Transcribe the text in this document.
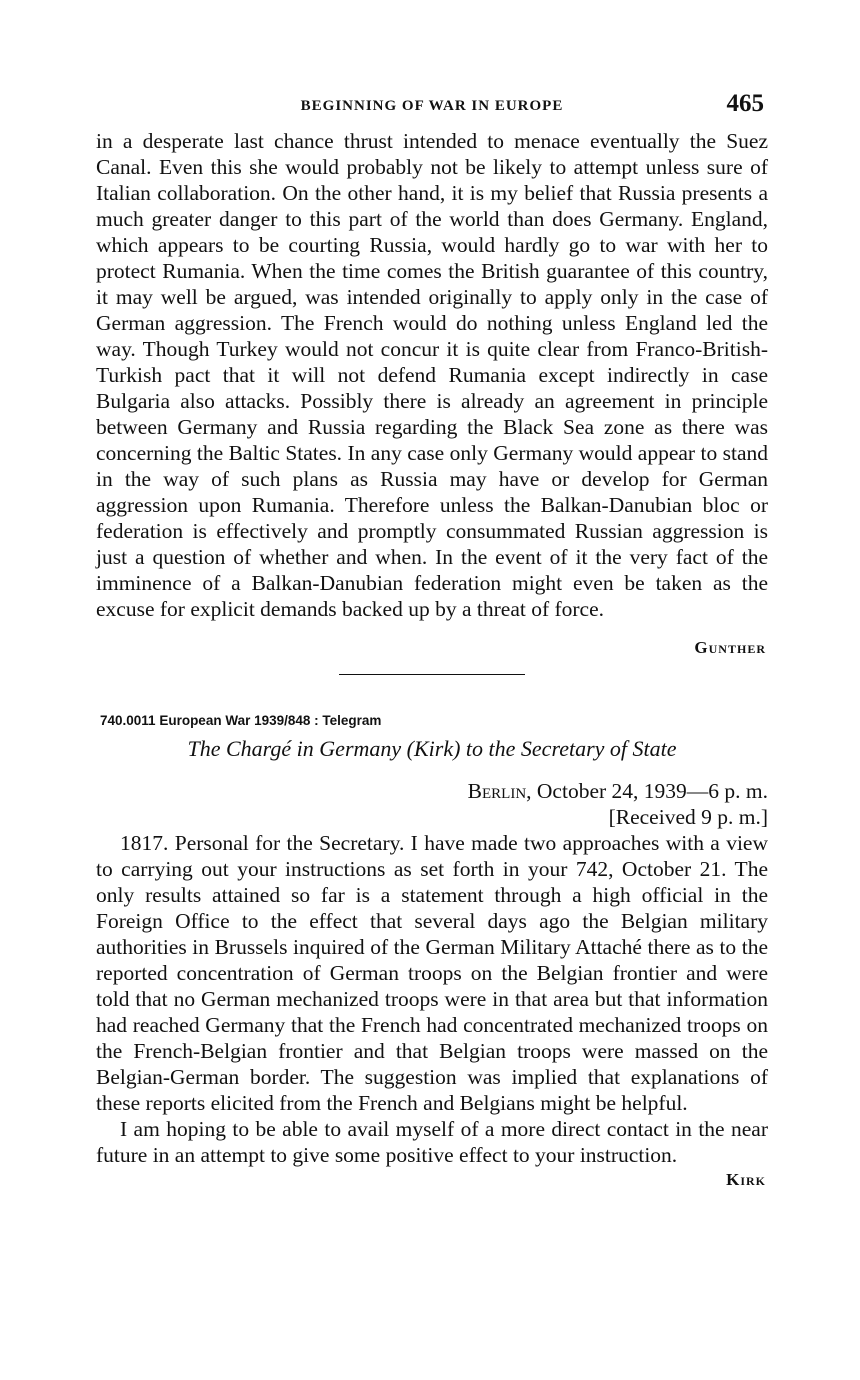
BEGINNING OF WAR IN EUROPE	465

in a desperate last chance thrust intended to menace eventually the Suez Canal. Even this she would probably not be likely to attempt unless sure of Italian collaboration. On the other hand, it is my belief that Russia presents a much greater danger to this part of the world than does Germany. England, which appears to be courting Russia, would hardly go to war with her to protect Rumania. When the time comes the British guarantee of this country, it may well be argued, was intended originally to apply only in the case of German aggression. The French would do nothing unless England led the way. Though Turkey would not concur it is quite clear from Franco-British-Turkish pact that it will not defend Rumania except indirectly in case Bulgaria also attacks. Possibly there is already an agreement in principle between Germany and Russia regarding the Black Sea zone as there was concerning the Baltic States. In any case only Germany would appear to stand in the way of such plans as Russia may have or develop for German aggression upon Rumania. Therefore unless the Balkan-Danubian bloc or federation is effectively and promptly consummated Russian aggression is just a question of whether and when. In the event of it the very fact of the imminence of a Balkan-Danubian federation might even be taken as the excuse for explicit demands backed up by a threat of force.

Gunther

740.0011 European War 1939/848 : Telegram
The Chargé in Germany (Kirk) to the Secretary of State
Berlin, October 24, 1939—6 p. m.
[Received 9 p. m.]

1817. Personal for the Secretary. I have made two approaches with a view to carrying out your instructions as set forth in your 742, October 21. The only results attained so far is a statement through a high official in the Foreign Office to the effect that several days ago the Belgian military authorities in Brussels inquired of the German Military Attaché there as to the reported concentration of German troops on the Belgian frontier and were told that no German mechanized troops were in that area but that information had reached Germany that the French had concentrated mechanized troops on the French-Belgian frontier and that Belgian troops were massed on the Belgian-German border. The suggestion was implied that explanations of these reports elicited from the French and Belgians might be helpful.

I am hoping to be able to avail myself of a more direct contact in the near future in an attempt to give some positive effect to your instruction.

Kirk
